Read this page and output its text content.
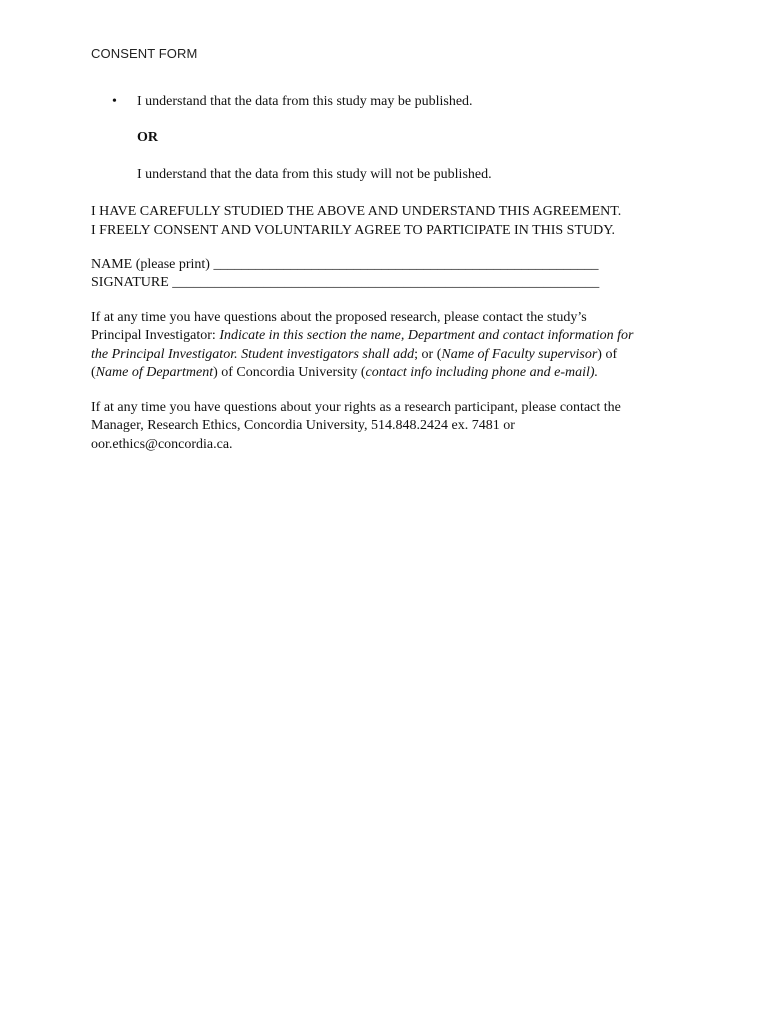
CONSENT FORM
•	I understand that the data from this study may be published.
OR
I understand that the data from this study will not be published.
I HAVE CAREFULLY STUDIED THE ABOVE AND UNDERSTAND THIS AGREEMENT.
I FREELY CONSENT AND VOLUNTARILY AGREE TO PARTICIPATE IN THIS STUDY.
NAME (please print) _______________________________________________________
SIGNATURE _____________________________________________________________
If at any time you have questions about the proposed research, please contact the study’s
Principal Investigator: Indicate in this section the name, Department and contact information for
the Principal Investigator. Student investigators shall add; or (Name of Faculty supervisor) of
(Name of Department) of Concordia University (contact info including phone and e-mail).
If at any time you have questions about your rights as a research participant, please contact the
Manager, Research Ethics, Concordia University, 514.848.2424 ex. 7481 or
oor.ethics@concordia.ca.
